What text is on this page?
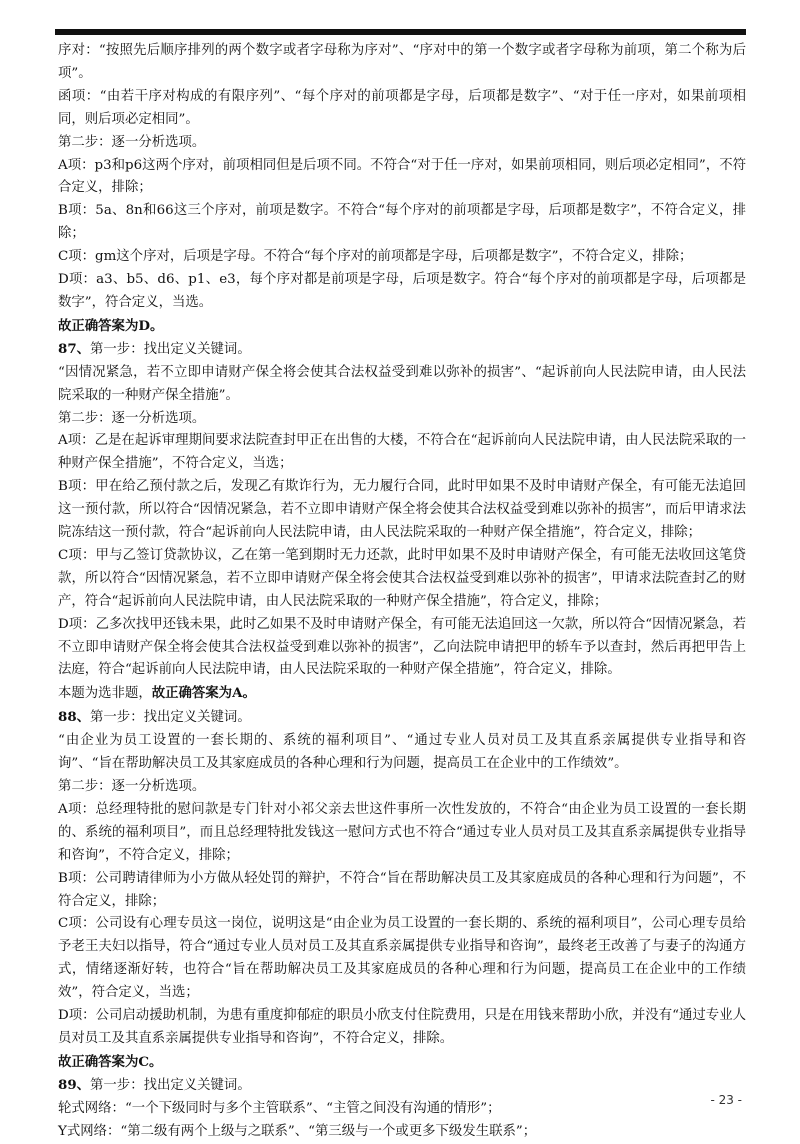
序对：“按照先后顺序排列的两个数字或者字母称为序对”、“序对中的第一个数字或者字母称为前项，第二个称为后项”。

函项：“由若干序对构成的有限序列”、“每个序对的前项都是字母，后项都是数字”、“对于任一序对，如果前项相同，则后项必定相同”。

第二步：逐一分析选项。

A项：p3和p6这两个序对，前项相同但是后项不同。不符合“对于任一序对，如果前项相同，则后项必定相同”，不符合定义，排除；

B项：5a、8n和66这三个序对，前项是数字。不符合“每个序对的前项都是字母，后项都是数字”，不符合定义，排除；

C项：gm这个序对，后项是字母。不符合“每个序对的前项都是字母，后项都是数字”，不符合定义，排除；

D项：a3、b5、d6、p1、e3，每个序对都是前项是字母，后项是数字。符合“每个序对的前项都是字母，后项都是数字”，符合定义，当选。

故正确答案为D。

87、第一步：找出定义关键词。

“因情况紧急，若不立即申请财产保全将会使其合法权益受到难以弥补的损害”、“起诉前向人民法院申请，由人民法院采取的一种财产保全措施”。

第二步：逐一分析选项。

A项：乙是在起诉审理期间要求法院查封甲正在出售的大楼，不符合在“起诉前向人民法院申请，由人民法院采取的一种财产保全措施”，不符合定义，当选；

B项：甲在给乙预付款之后，发现乙有欺诈行为，无力履行合同，此时甲如果不及时申请财产保全，有可能无法追回这一预付款，所以符合“因情况紧急，若不立即申请财产保全将会使其合法权益受到难以弥补的损害”，而后甲请求法院冻结这一预付款，符合“起诉前向人民法院申请，由人民法院采取的一种财产保全措施”，符合定义，排除；

C项：甲与乙签订贷款协议，乙在第一笔到期时无力还款，此时甲如果不及时申请财产保全，有可能无法收回这笔贷款，所以符合“因情况紧急，若不立即申请财产保全将会使其合法权益受到难以弥补的损害”，甲请求法院查封乙的财产，符合“起诉前向人民法院申请，由人民法院采取的一种财产保全措施”，符合定义，排除；

D项：乙多次找甲还钱未果，此时乙如果不及时申请财产保全，有可能无法追回这一欠款，所以符合“因情况紧急，若不立即申请财产保全将会使其合法权益受到难以弥补的损害”，乙向法院申请把甲的轿车予以查封，然后再把甲告上法庭，符合“起诉前向人民法院申请，由人民法院采取的一种财产保全措施”，符合定义，排除。

本题为选非题，故正确答案为A。

88、第一步：找出定义关键词。

“由企业为员工设置的一套长期的、系统的福利项目”、“通过专业人员对员工及其直系亲属提供专业指导和咨询”、“旨在帮助解决员工及其家庭成员的各种心理和行为问题，提高员工在企业中的工作绩效”。

第二步：逐一分析选项。

A项：总经理特批的慰问款是专门针对小祁父亲去世这件事所一次性发放的，不符合“由企业为员工设置的一套长期的、系统的福利项目”，而且总经理特批发钱这一慰问方式也不符合“通过专业人员对员工及其直系亲属提供专业指导和咨询”，不符合定义，排除；

B项：公司聘请律师为小方做从轻处罚的辩护，不符合“旨在帮助解决员工及其家庭成员的各种心理和行为问题”，不符合定义，排除；

C项：公司设有心理专员这一岗位，说明这是“由企业为员工设置的一套长期的、系统的福利项目”，公司心理专员给予老王夫妇以指导，符合“通过专业人员对员工及其直系亲属提供专业指导和咨询”，最终老王改善了与妻子的沟通方式，情绪逐渐好转，也符合“旨在帮助解决员工及其家庭成员的各种心理和行为问题，提高员工在企业中的工作绩效”，符合定义，当选；

D项：公司启动援助机制，为患有重度抑郁症的职员小欣支付住院费用，只是在用钱来帮助小欣，并没有“通过专业人员对员工及其直系亲属提供专业指导和咨询”，不符合定义，排除。

故正确答案为C。

89、第一步：找出定义关键词。

轮式网络：“一个下级同时与多个主管联系”、“主管之间没有沟通的情形”；

Y式网络：“第二级有两个上级与之联系”、“第三级与一个或更多下级发生联系”；

- 23 -
